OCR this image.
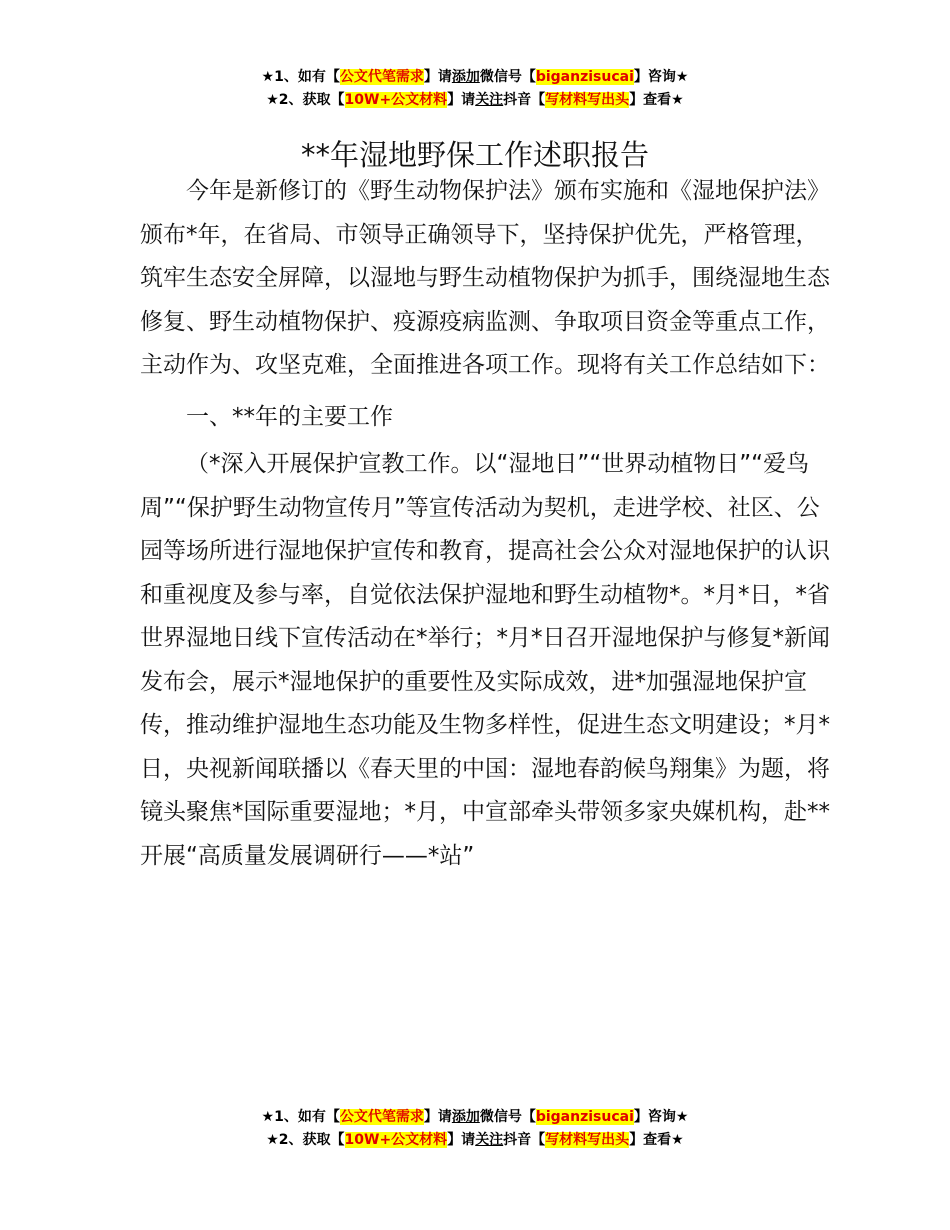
★1、如有【公文代笔需求】请添加微信号【biganzisucai】咨询★
★2、获取【10W+公文材料】请关注抖音【写材料写出头】查看★
**年湿地野保工作述职报告

今年是新修订的《野生动物保护法》颁布实施和《湿地保护法》颁布*年，在省局、市领导正确领导下，坚持保护优先，严格管理，筑牢生态安全屏障，以湿地与野生动植物保护为抓手，围绕湿地生态修复、野生动植物保护、疫源疫病监测、争取项目资金等重点工作，主动作为、攻坚克难，全面推进各项工作。现将有关工作总结如下：

一、**年的主要工作

（*深入开展保护宣教工作。以“湿地日”“世界动植物日”“爱鸟周”“保护野生动物宣传月”等宣传活动为契机，走进学校、社区、公园等场所进行湿地保护宣传和教育，提高社会公众对湿地保护的认识和重视度及参与率，自觉依法保护湿地和野生动植物*。*月*日，*省世界湿地日线下宣传活动在*举行；*月*日召开湿地保护与修复*新闻发布会，展示*湿地保护的重要性及实际成效，进*加强湿地保护宣传，推动维护湿地生态功能及生物多样性，促进生态文明建设；*月*日，央视新闻联播以《春天里的中国：湿地春韵候鸟翔集》为题，将镜头聚焦*国际重要湿地；*月，中宣部牵头带领多家央媒机构，赴**开展“高质量发展调研行——*站”

★1、如有【公文代笔需求】请添加微信号【biganzisucai】咨询★
★2、获取【10W+公文材料】请关注抖音【写材料写出头】查看★
